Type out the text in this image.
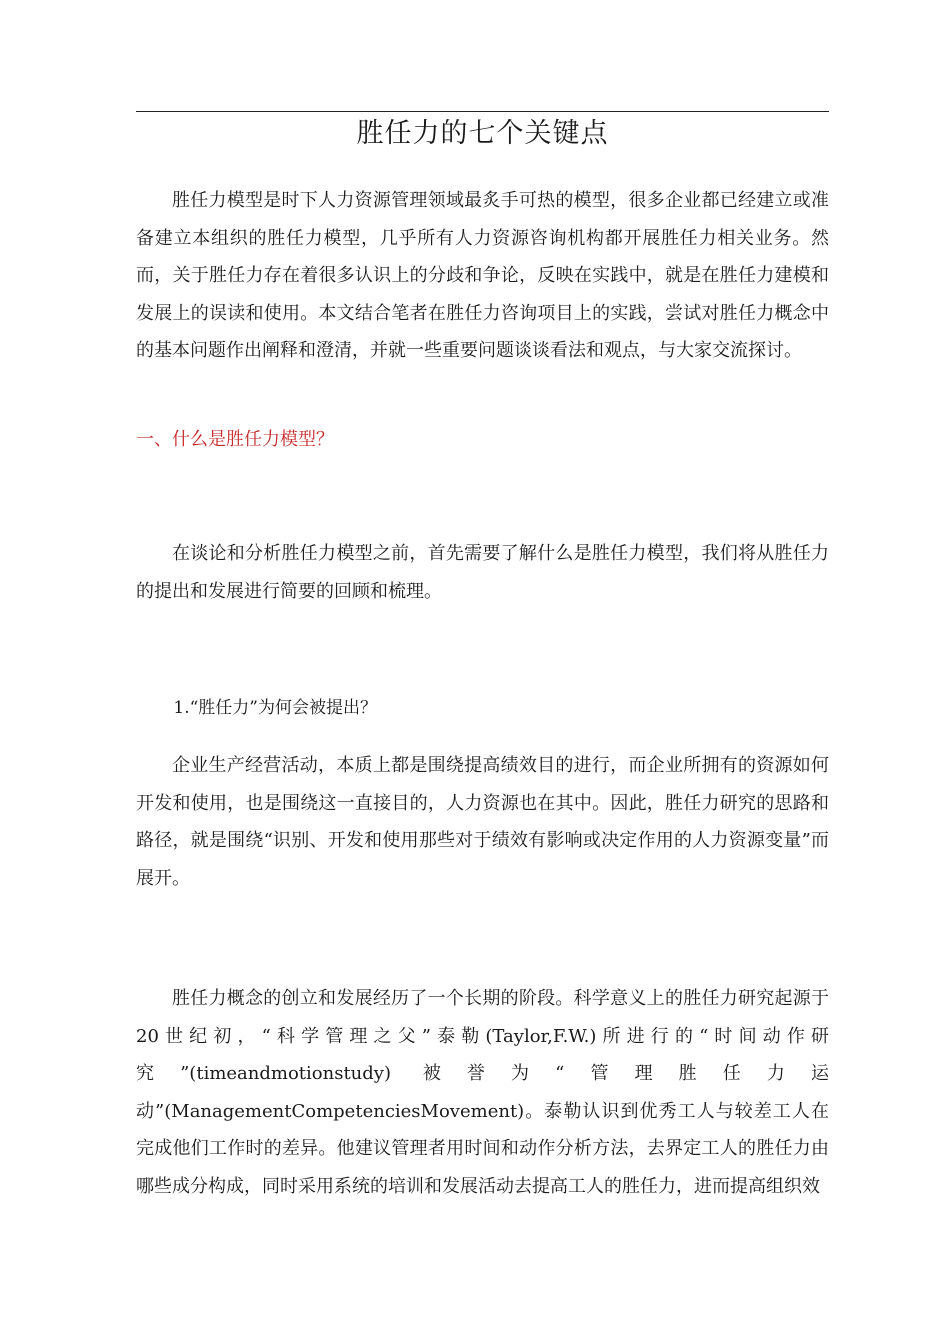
胜任力的七个关键点

胜任力模型是时下人力资源管理领域最炙手可热的模型，很多企业都已经建立或准备建立本组织的胜任力模型，几乎所有人力资源咨询机构都开展胜任力相关业务。然而，关于胜任力存在着很多认识上的分歧和争论，反映在实践中，就是在胜任力建模和发展上的误读和使用。本文结合笔者在胜任力咨询项目上的实践，尝试对胜任力概念中的基本问题作出阐释和澄清，并就一些重要问题谈谈看法和观点，与大家交流探讨。

一、什么是胜任力模型？

在谈论和分析胜任力模型之前，首先需要了解什么是胜任力模型，我们将从胜任力的提出和发展进行简要的回顾和梳理。

1.“胜任力”为何会被提出？

企业生产经营活动，本质上都是围绕提高绩效目的进行，而企业所拥有的资源如何开发和使用，也是围绕这一直接目的，人力资源也在其中。因此，胜任力研究的思路和路径，就是围绕“识别、开发和使用那些对于绩效有影响或决定作用的人力资源变量”而展开。

胜任力概念的创立和发展经历了一个长期的阶段。科学意义上的胜任力研究起源于20世纪初，“科学管理之父”泰勒(Taylor,F.W.)所进行的“时间动作研究”(timeandmotionstudy) 被誉为“管理胜任力运动”(ManagementCompetenciesMovement)。泰勒认识到优秀工人与较差工人在完成他们工作时的差异。他建议管理者用时间和动作分析方法，去界定工人的胜任力由哪些成分构成，同时采用系统的培训和发展活动去提高工人的胜任力，进而提高组织效
